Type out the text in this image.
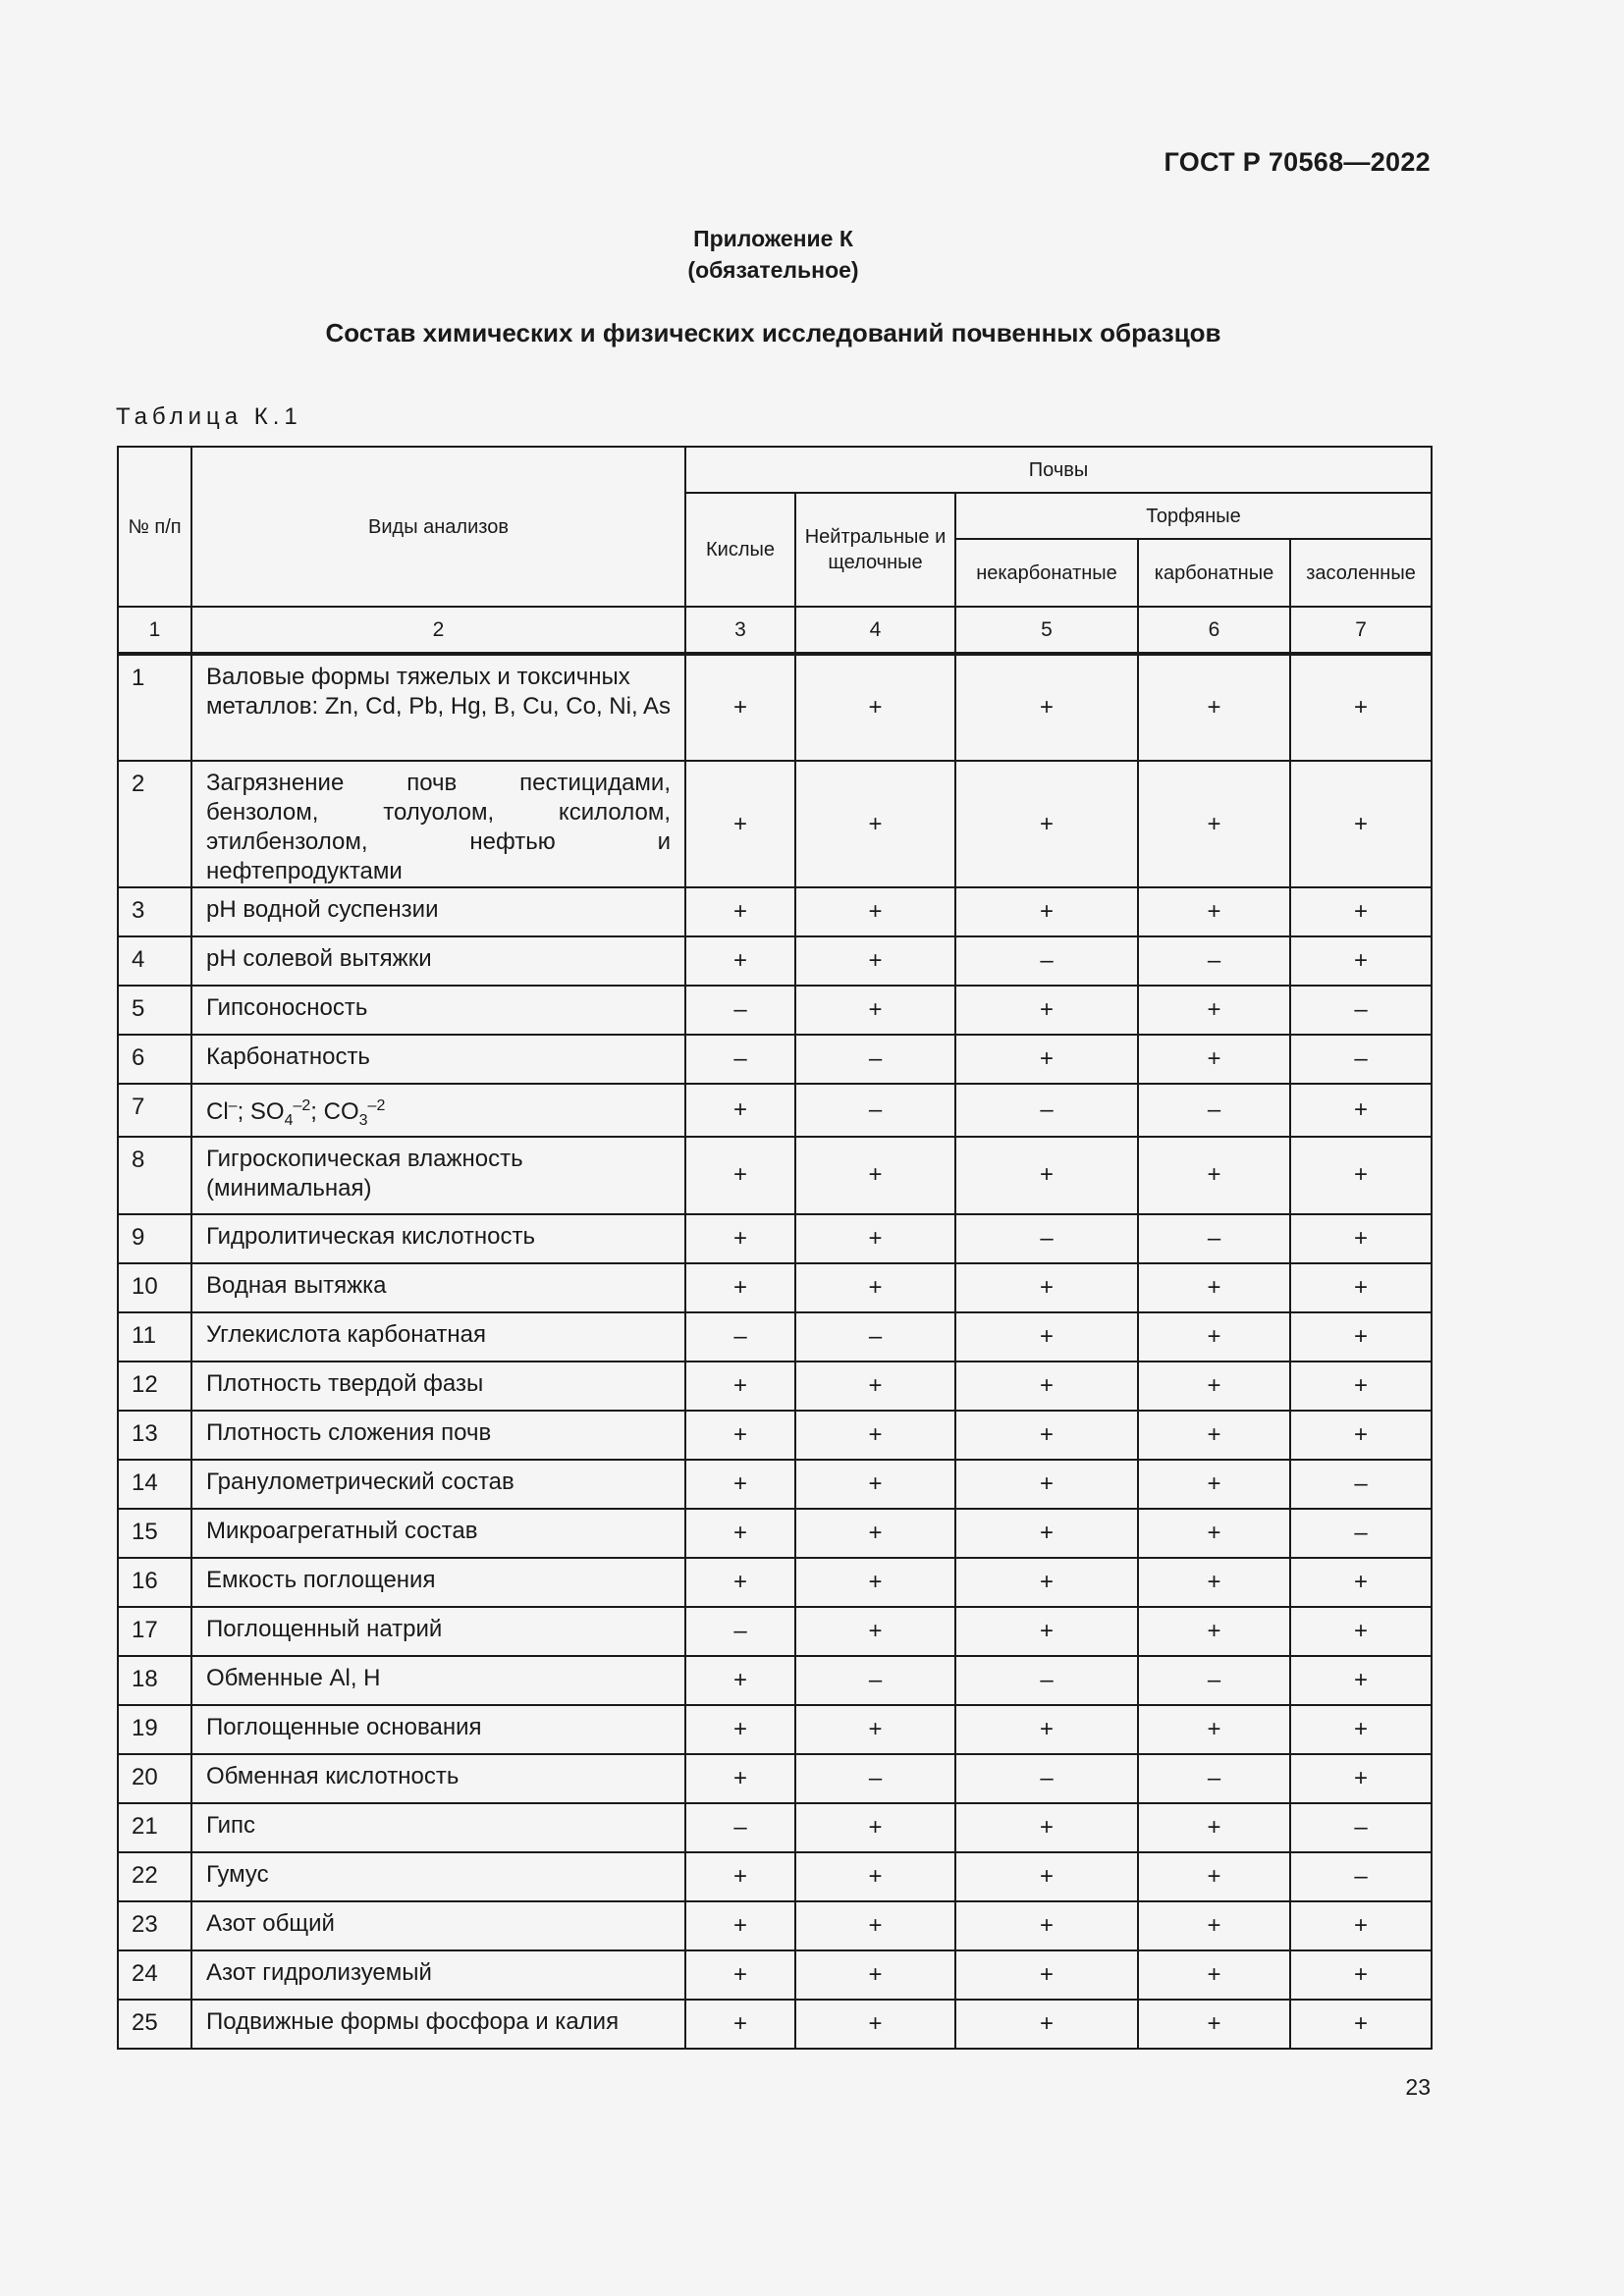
ГОСТ Р 70568—2022
Приложение К
(обязательное)
Состав химических и физических исследований почвенных образцов
Таблица К.1
№ п/п	Виды анализов	Почвы				
		Кислые	Нейтральные и щелочные	Торфяные		
				некарбонатные	карбонатные	засоленные
1	2	3	4	5	6	7
1	Валовые формы тяжелых и токсичных металлов: Zn, Cd, Pb, Hg, B, Cu, Co, Ni, As	+	+	+	+	+
2	Загрязнение почв пестицидами, бензолом, толуолом, ксилолом, этилбензолом, нефтью и нефтепродуктами	+	+	+	+	+
3	pH водной суспензии	+	+	+	+	+
4	pH солевой вытяжки	+	+	–	–	+
5	Гипсоносность	–	+	+	+	–
6	Карбонатность	–	–	+	+	–
7	Cl–; $SO_4^{-2}$; $CO_3^{-2}$	+	–	–	–	+
8	Гигроскопическая влажность (минимальная)	+	+	+	+	+
9	Гидролитическая кислотность	+	+	–	–	+
10	Водная вытяжка	+	+	+	+	+
11	Углекислота карбонатная	–	–	+	+	+
12	Плотность твердой фазы	+	+	+	+	+
13	Плотность сложения почв	+	+	+	+	+
14	Гранулометрический состав	+	+	+	+	–
15	Микроагрегатный состав	+	+	+	+	–
16	Емкость поглощения	+	+	+	+	+
17	Поглощенный натрий	–	+	+	+	+
18	Обменные Al, H	+	–	–	–	+
19	Поглощенные основания	+	+	+	+	+
20	Обменная кислотность	+	–	–	–	+
21	Гипс	–	+	+	+	–
22	Гумус	+	+	+	+	–
23	Азот общий	+	+	+	+	+
24	Азот гидролизуемый	+	+	+	+	+
25	Подвижные формы фосфора и калия	+	+	+	+	+
23
